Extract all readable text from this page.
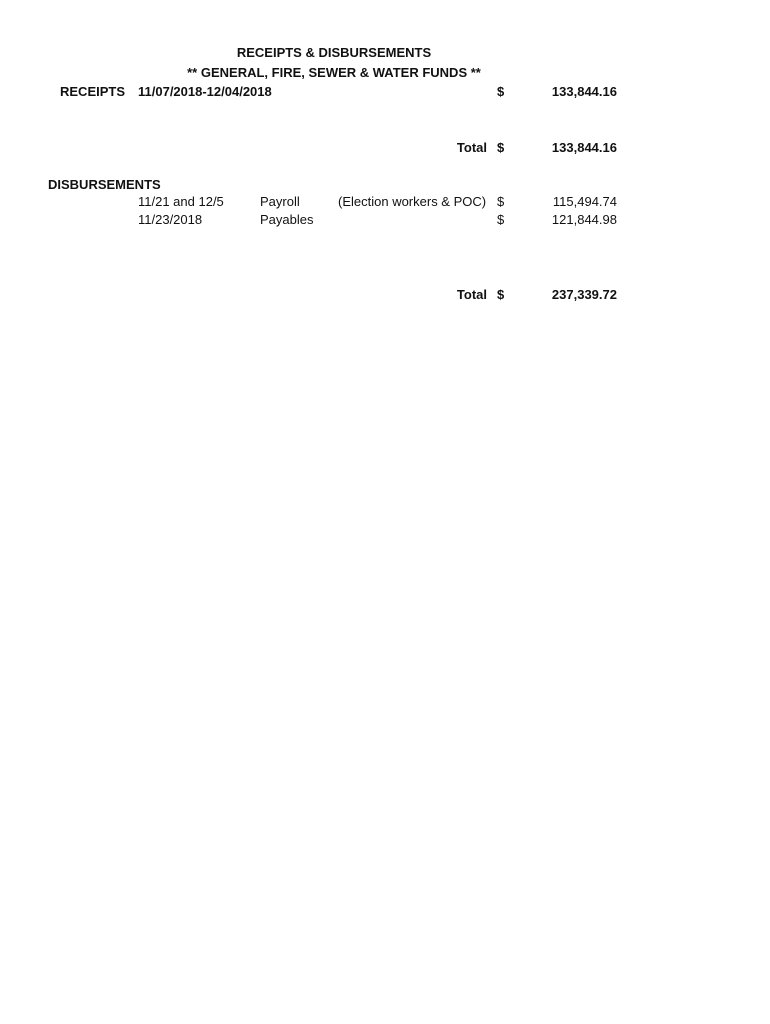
RECEIPTS & DISBURSEMENTS
** GENERAL, FIRE, SEWER & WATER FUNDS **
RECEIPTS 11/07/2018-12/04/2018	$	133,844.16
Total $	133,844.16
DISBURSEMENTS
11/21 and 12/5	Payroll	(Election workers & POC) $	115,494.74
11/23/2018	Payables	$	121,844.98
Total $	237,339.72
